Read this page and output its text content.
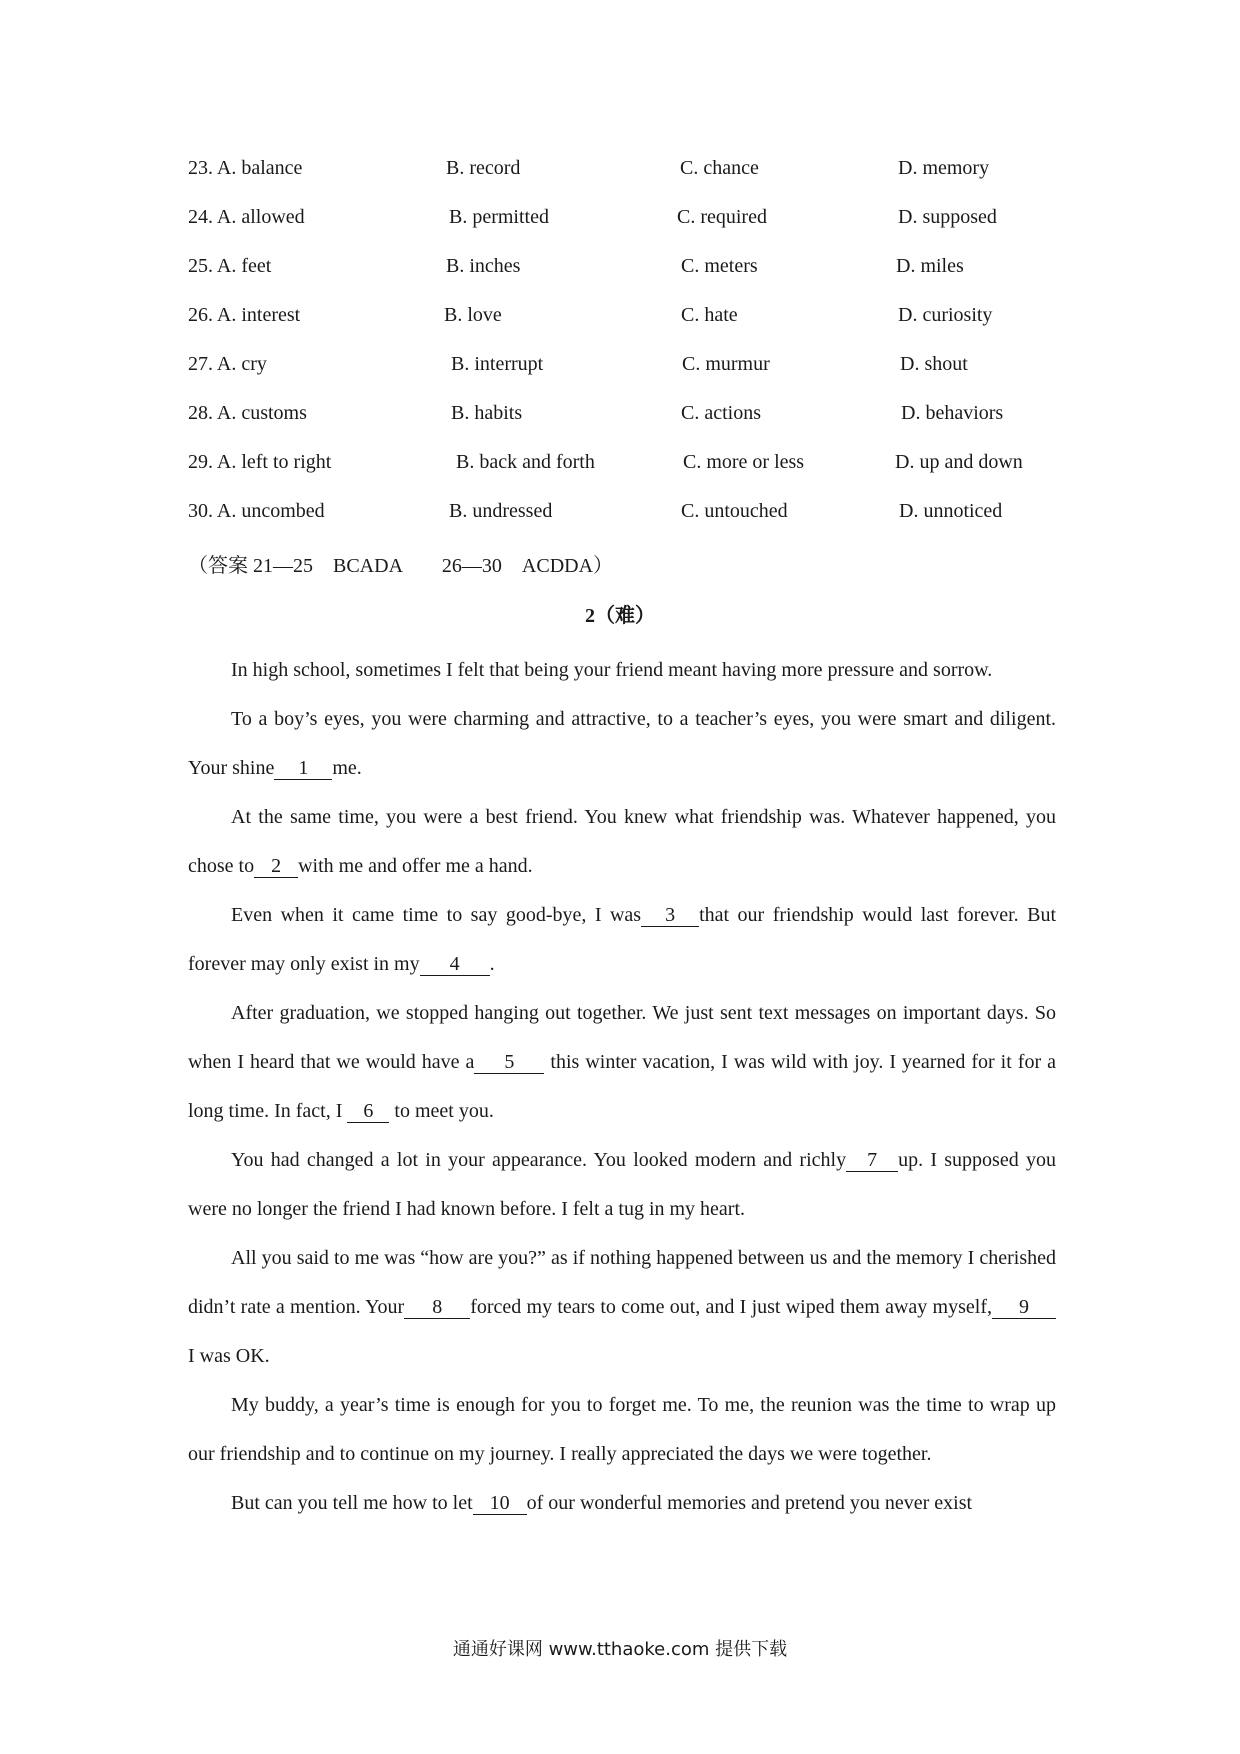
23. A. balance	B. record	C. chance	D. memory
24. A. allowed	B. permitted	C. required	D. supposed
25. A. feet	B. inches	C. meters	D. miles
26. A. interest	B. love	C. hate	D. curiosity
27. A. cry	B. interrupt	C. murmur	D. shout
28. A. customs	B. habits	C. actions	D. behaviors
29. A. left to right	B. back and forth	C. more or less	D. up and down
30. A. uncombed	B. undressed	C. untouched	D. unnoticed
（答案 21—25　BCADA　　26—30　ACDDA）
2（难）

In high school, sometimes I felt that being your friend meant having more pressure and sorrow.

To a boy’s eyes, you were charming and attractive, to a teacher’s eyes, you were smart and diligent. Your shine 1 me.

At the same time, you were a best friend. You knew what friendship was. Whatever happened, you chose to 2 with me and offer me a hand.

Even when it came time to say good-bye, I was 3 that our friendship would last forever. But forever may only exist in my 4 .

After graduation, we stopped hanging out together. We just sent text messages on important days. So when I heard that we would have a 5 this winter vacation, I was wild with joy. I yearned for it for a long time. In fact, I 6 to meet you.

You had changed a lot in your appearance. You looked modern and richly 7 up. I supposed you were no longer the friend I had known before. I felt a tug in my heart.

All you said to me was “how are you?” as if nothing happened between us and the memory I cherished didn’t rate a mention. Your 8 forced my tears to come out, and I just wiped them away myself, 9I was OK.

My buddy, a year’s time is enough for you to forget me. To me, the reunion was the time to wrap up our friendship and to continue on my journey. I really appreciated the days we were together.

But can you tell me how to let 10 of our wonderful memories and pretend you never exist

通通好课网 www.tthaoke.com 提供下载
